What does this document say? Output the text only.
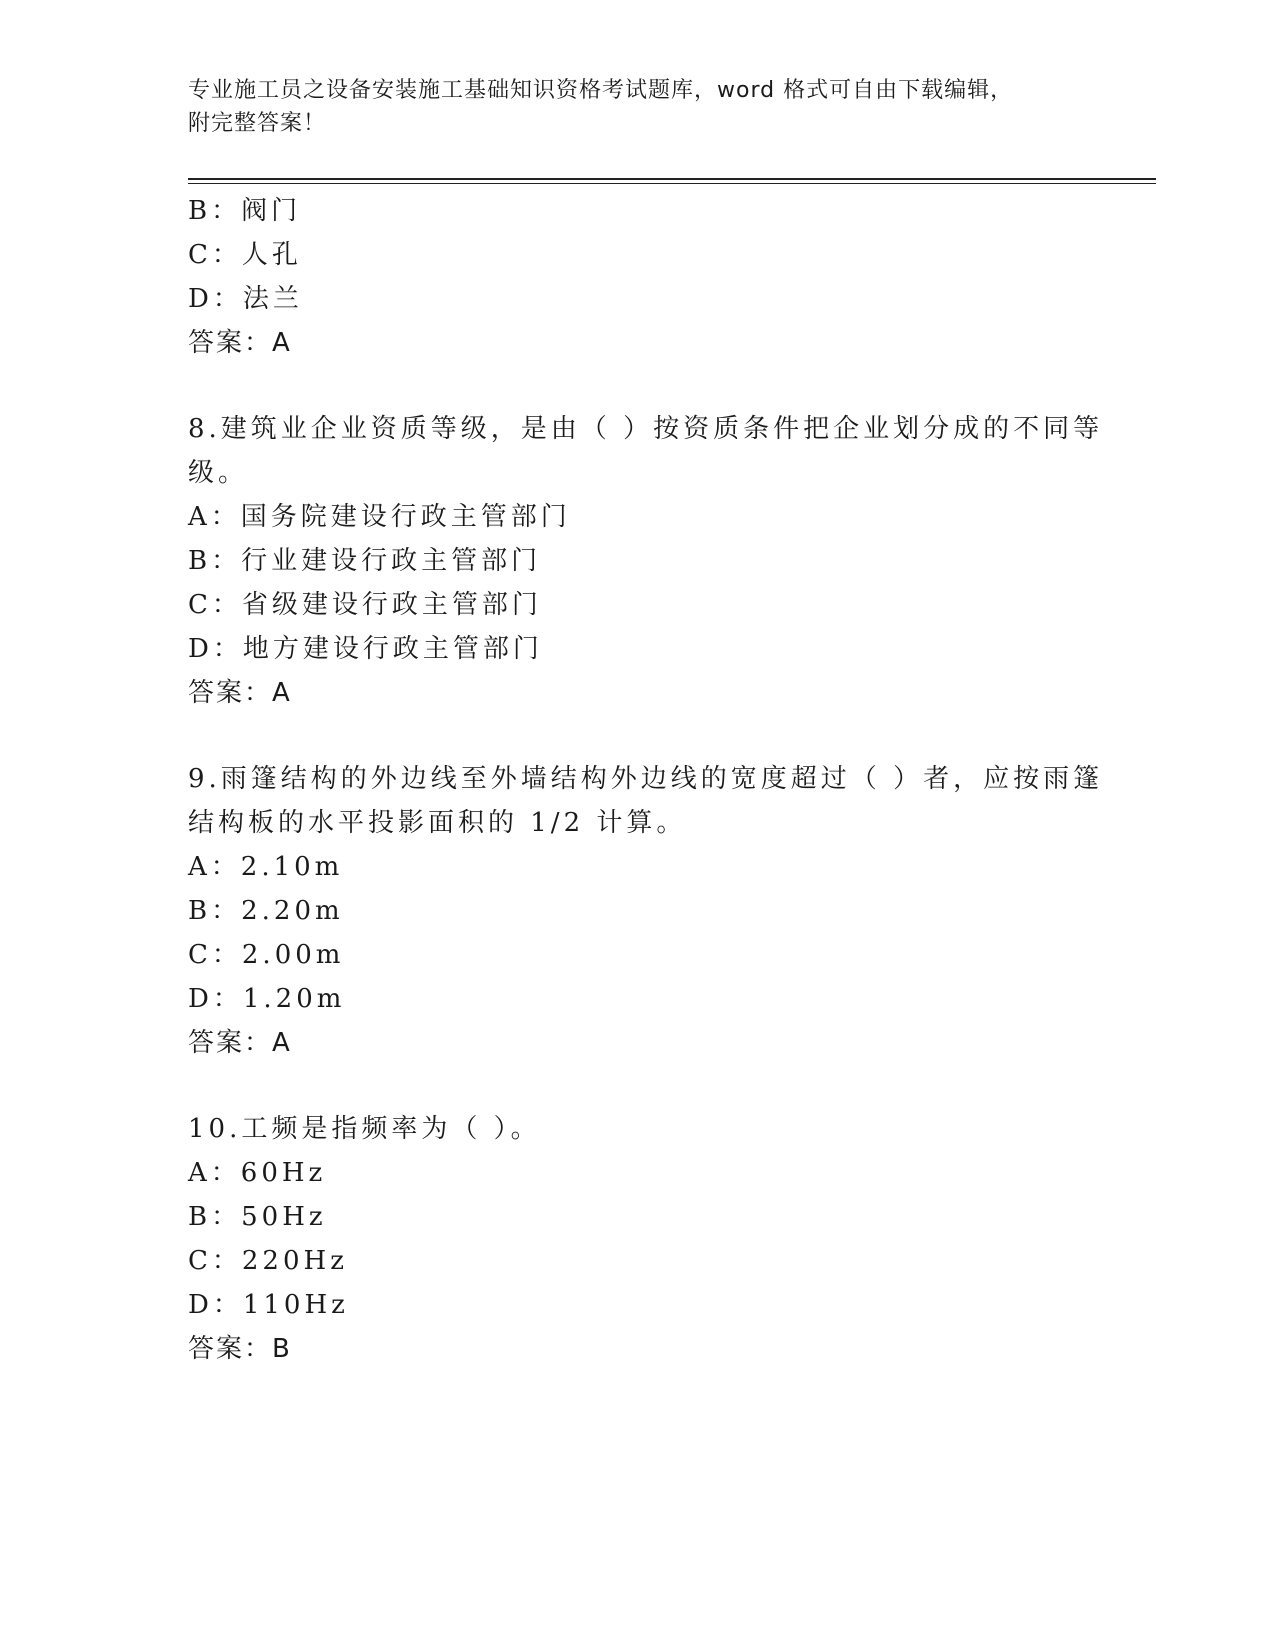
专业施工员之设备安装施工基础知识资格考试题库，word 格式可自由下载编辑，
附完整答案！
B：阀门
C：人孔
D：法兰
答案：A
8.建筑业企业资质等级，是由（ ）按资质条件把企业划分成的不同等
级。
A：国务院建设行政主管部门
B：行业建设行政主管部门
C：省级建设行政主管部门
D：地方建设行政主管部门
答案：A
9.雨篷结构的外边线至外墙结构外边线的宽度超过（ ）者，应按雨篷
结构板的水平投影面积的 1/2 计算。
A：2.10m
B：2.20m
C：2.00m
D：1.20m
答案：A
10.工频是指频率为（ ）。
A：60Hz
B：50Hz
C：220Hz
D：110Hz
答案：B
